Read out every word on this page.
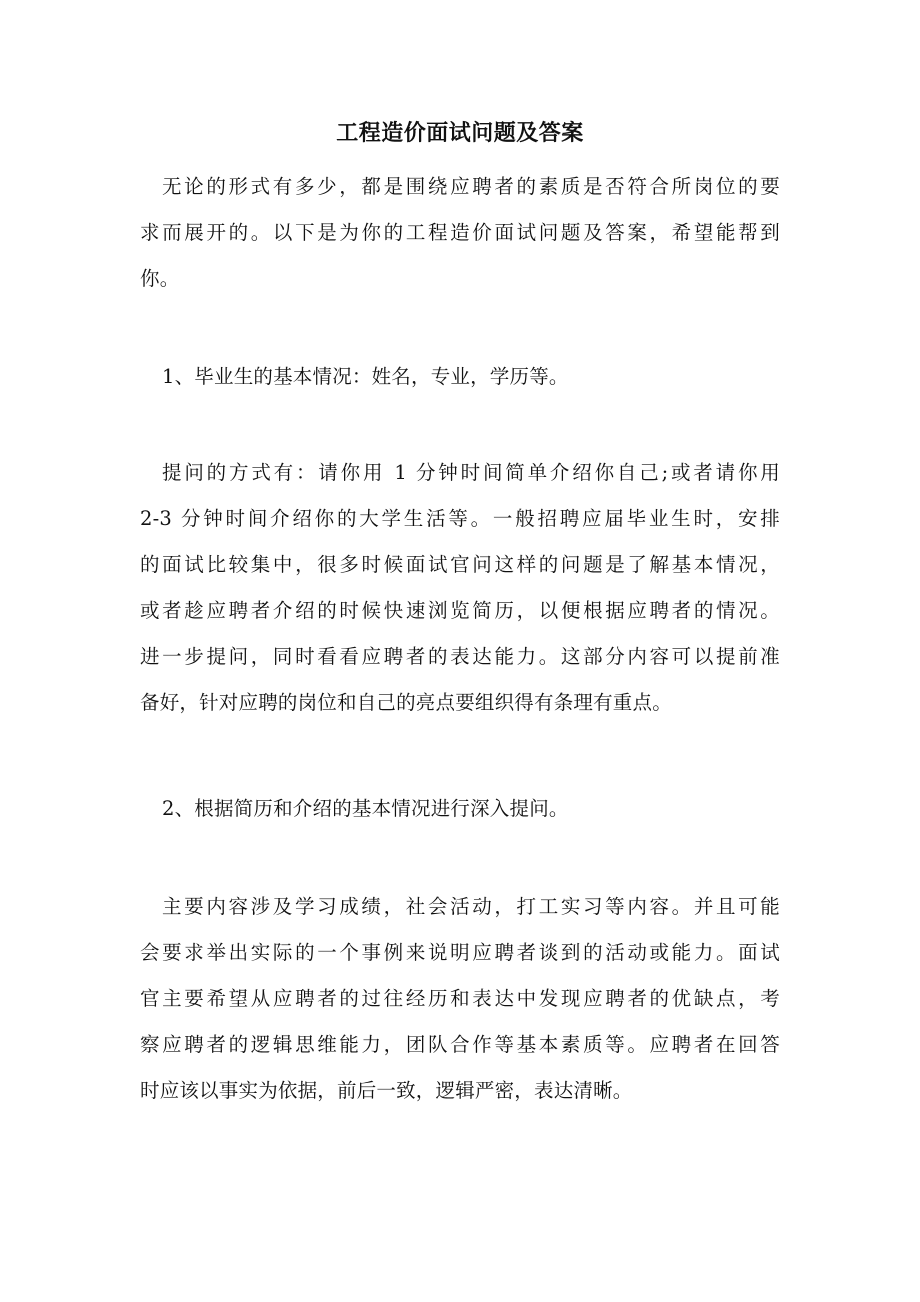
工程造价面试问题及答案
无论的形式有多少，都是围绕应聘者的素质是否符合所岗位的要
求而展开的。以下是为你的工程造价面试问题及答案，希望能帮到
你。
1、毕业生的基本情况：姓名，专业，学历等。
提问的方式有：请你用 1 分钟时间简单介绍你自己;或者请你用
2-3 分钟时间介绍你的大学生活等。一般招聘应届毕业生时，安排
的面试比较集中，很多时候面试官问这样的问题是了解基本情况，
或者趁应聘者介绍的时候快速浏览简历，以便根据应聘者的情况。
进一步提问，同时看看应聘者的表达能力。这部分内容可以提前准
备好，针对应聘的岗位和自己的亮点要组织得有条理有重点。
2、根据简历和介绍的基本情况进行深入提问。
主要内容涉及学习成绩，社会活动，打工实习等内容。并且可能
会要求举出实际的一个事例来说明应聘者谈到的活动或能力。面试
官主要希望从应聘者的过往经历和表达中发现应聘者的优缺点，考
察应聘者的逻辑思维能力，团队合作等基本素质等。应聘者在回答
时应该以事实为依据，前后一致，逻辑严密，表达清晰。
